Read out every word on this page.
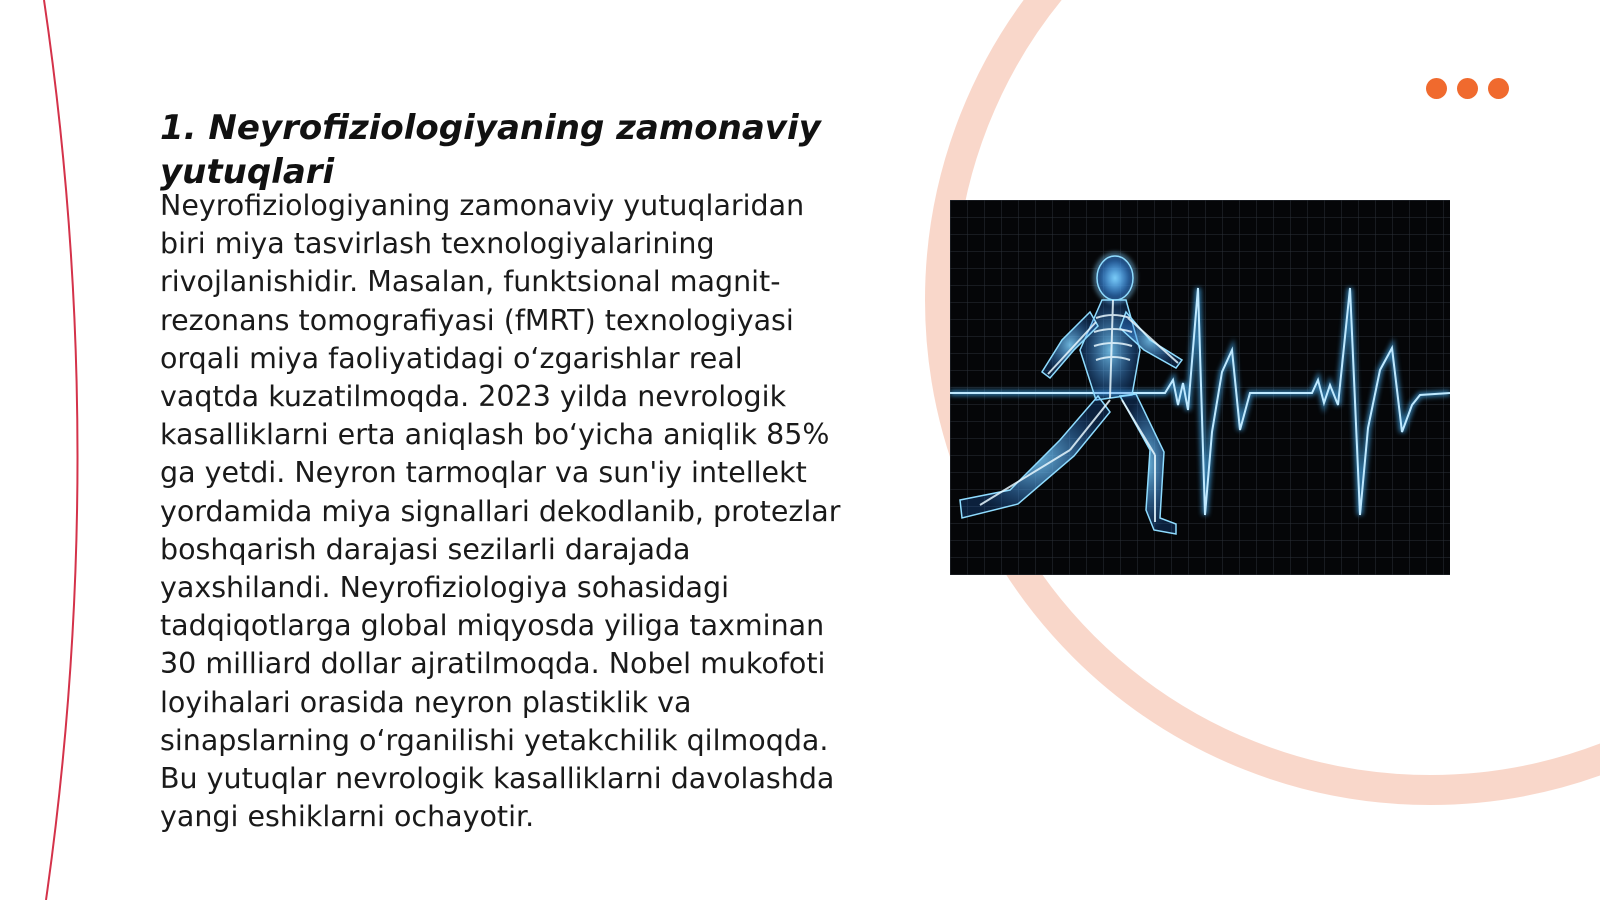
1. Neyrofiziologiyaning zamonaviy yutuqlari

Neyrofiziologiyaning zamonaviy yutuqlaridan biri miya tasvirlash texnologiyalarining rivojlanishidir. Masalan, funktsional magnit-rezonans tomografiyasi (fMRT) texnologiyasi orqali miya faoliyatidagi o‘zgarishlar real vaqtda kuzatilmoqda. 2023 yilda nevrologik kasalliklarni erta aniqlash bo‘yicha aniqlik 85% ga yetdi. Neyron tarmoqlar va sun'iy intellekt yordamida miya signallari dekodlanib, protezlar boshqarish darajasi sezilarli darajada yaxshilandi. Neyrofiziologiya sohasidagi tadqiqotlarga global miqyosda yiliga taxminan 30 milliard dollar ajratilmoqda. Nobel mukofoti loyihalari orasida neyron plastiklik va sinapslarning o‘rganilishi yetakchilik qilmoqda. Bu yutuqlar nevrologik kasalliklarni davolashda yangi eshiklarni ochayotir.
